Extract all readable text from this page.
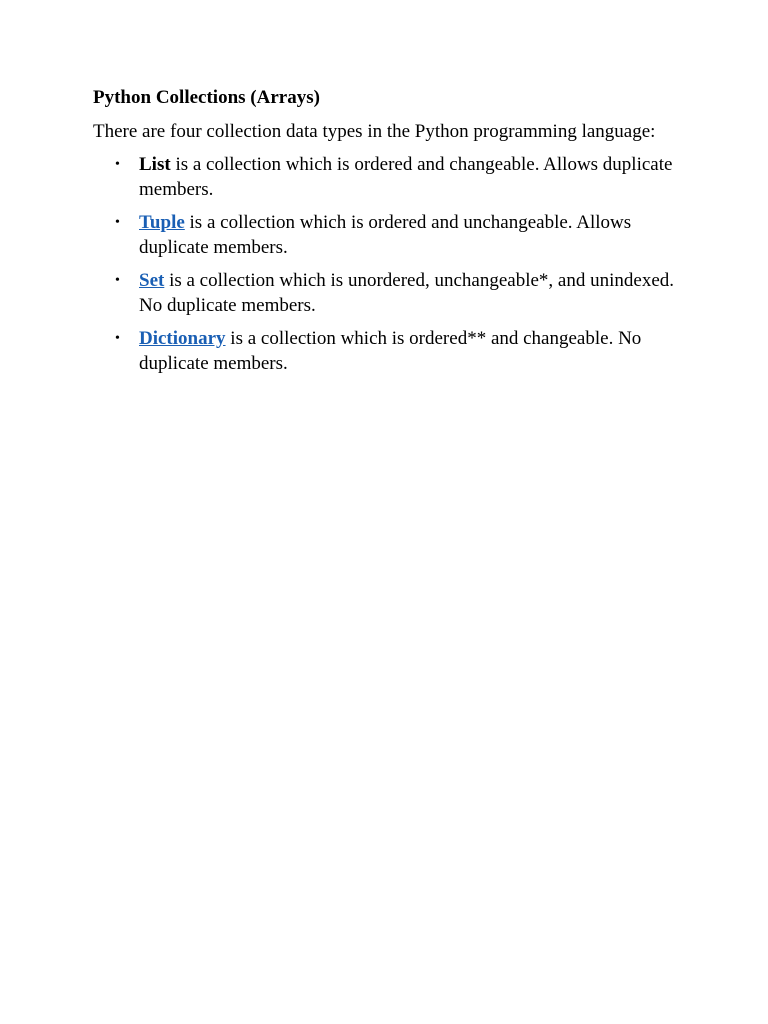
Python Collections (Arrays)

There are four collection data types in the Python programming language:

• List is a collection which is ordered and changeable. Allows duplicate members.
• Tuple is a collection which is ordered and unchangeable. Allows duplicate members.
• Set is a collection which is unordered, unchangeable*, and unindexed. No duplicate members.
• Dictionary is a collection which is ordered** and changeable. No duplicate members.
